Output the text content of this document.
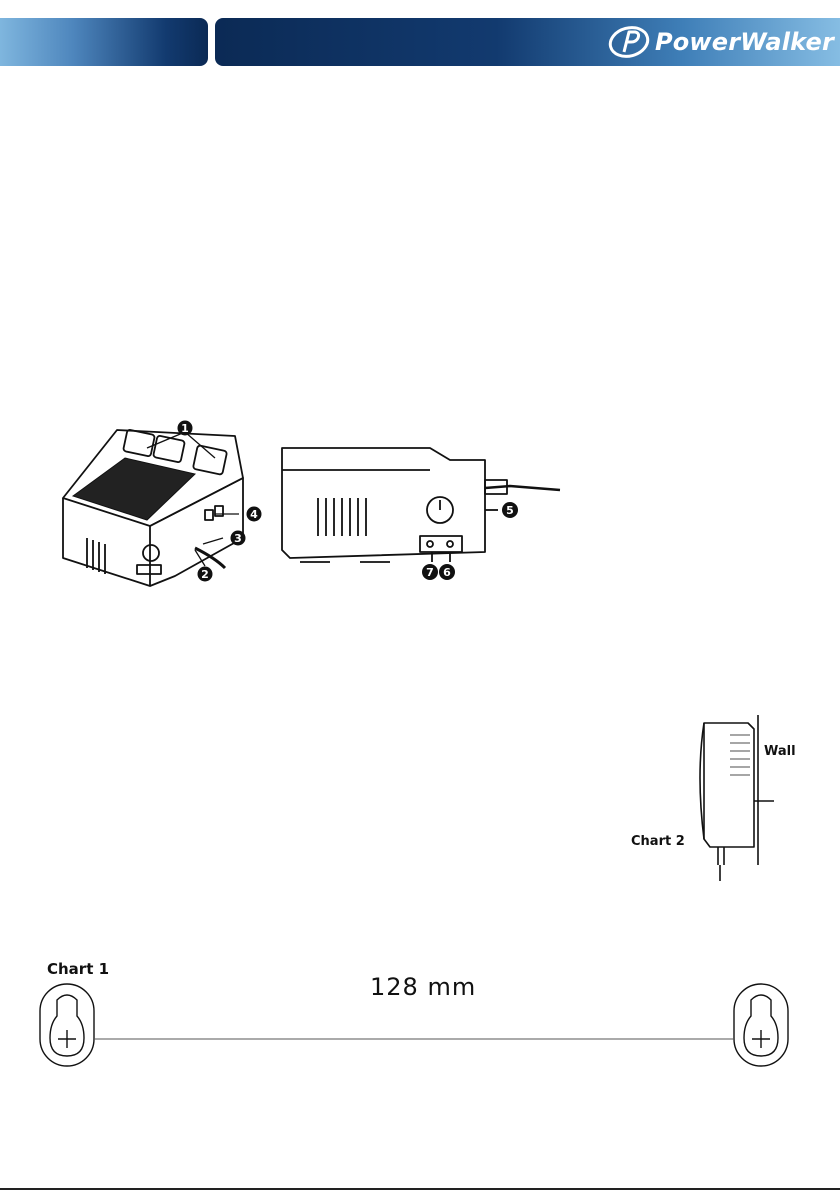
PowerWalker
1
4
3
2
5
7 6
Wall
Chart 2
Chart 1
128 mm
